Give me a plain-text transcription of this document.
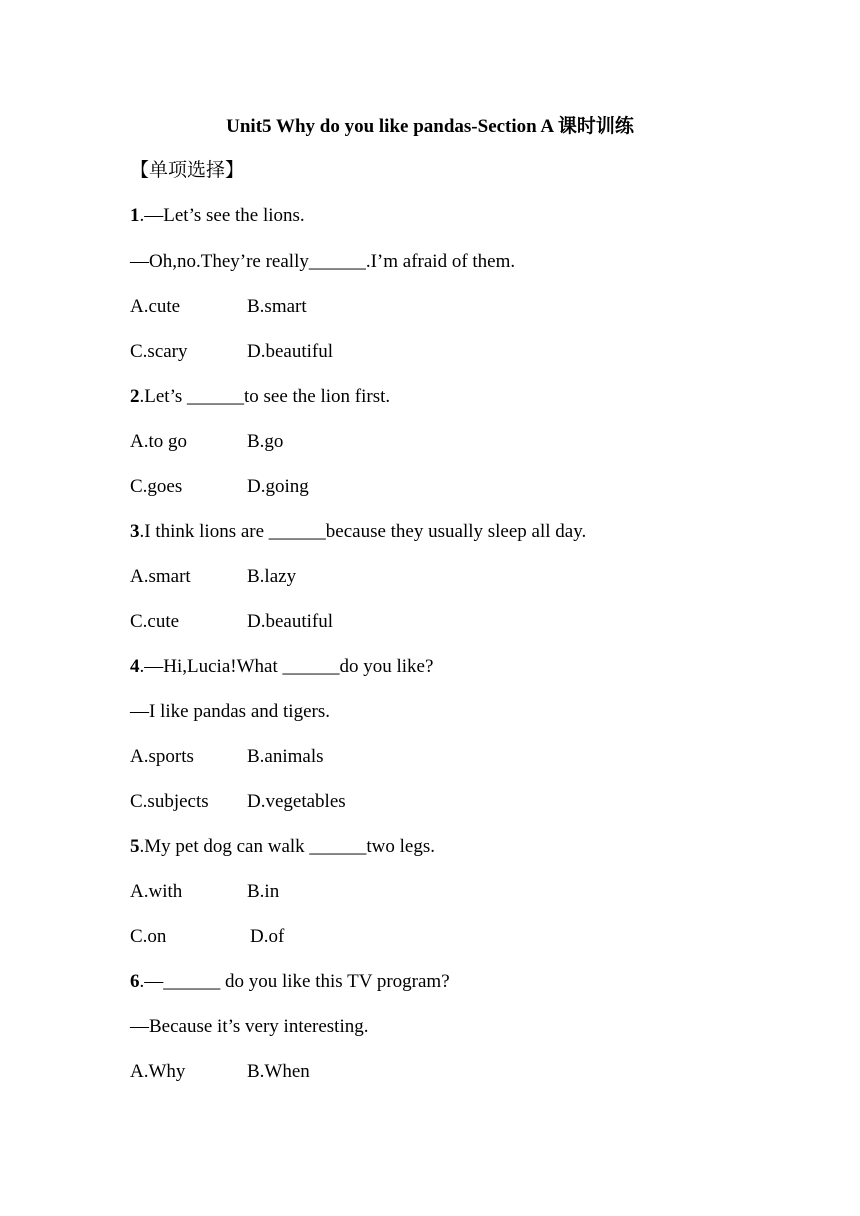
Unit5 Why do you like pandas-Section A 课时训练
【单项选择】
1.—Let’s see the lions.
—Oh,no.They’re really______.I’m afraid of them.
A.cute	B.smart
C.scary	D.beautiful
2.Let’s ______to see the lion first.
A.to go	B.go
C.goes	D.going
3.I think lions are ______because they usually sleep all day.
A.smart	B.lazy
C.cute	D.beautiful
4.—Hi,Lucia!What ______do you like?
—I like pandas and tigers.
A.sports	B.animals
C.subjects D.vegetables
5.My pet dog can walk ______two legs.
A.with	B.in
C.on	D.of
6.—______ do you like this TV program?
—Because it’s very interesting.
A.Why	B.When
